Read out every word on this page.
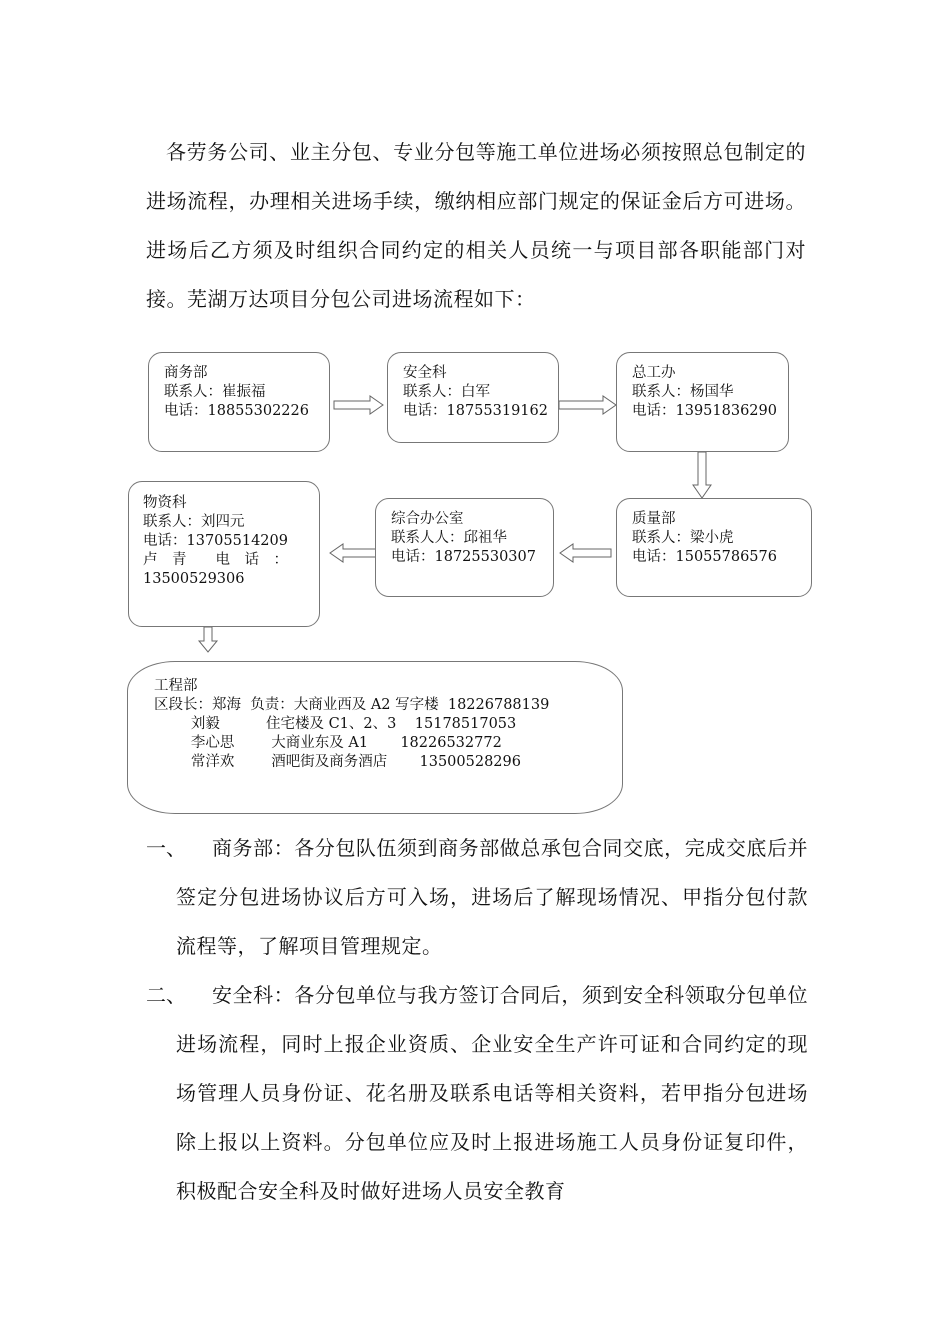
各劳务公司、业主分包、专业分包等施工单位进场必须按照总包制定的进场流程，办理相关进场手续，缴纳相应部门规定的保证金后方可进场。进场后乙方须及时组织合同约定的相关人员统一与项目部各职能部门对接。芜湖万达项目分包公司进场流程如下：

商务部
联系人：崔振福
电话：18855302226
安全科
联系人：白军
电话：18755319162
总工办
联系人：杨国华
电话：13951836290
质量部
联系人：梁小虎
电话：15055786576
综合办公室
联系人人：邱祖华
电话：18725530307
物资科
联系人：刘四元
电话：13705514209
卢　青　　电　话　：
13500529306
工程部
区段长：郑海  负责：大商业西及 A2 写字楼  18226788139
刘毅          住宅楼及 C1、2、3    15178517053
李心思        大商业东及 A1       18226532772
常洋欢        酒吧街及商务酒店       13500528296
一、	商务部：各分包队伍须到商务部做总承包合同交底，完成交底后并签定分包进场协议后方可入场，进场后了解现场情况、甲指分包付款流程等，了解项目管理规定。
二、	安全科：各分包单位与我方签订合同后，须到安全科领取分包单位进场流程，同时上报企业资质、企业安全生产许可证和合同约定的现场管理人员身份证、花名册及联系电话等相关资料，若甲指分包进场除上报以上资料。分包单位应及时上报进场施工人员身份证复印件，积极配合安全科及时做好进场人员安全教育
